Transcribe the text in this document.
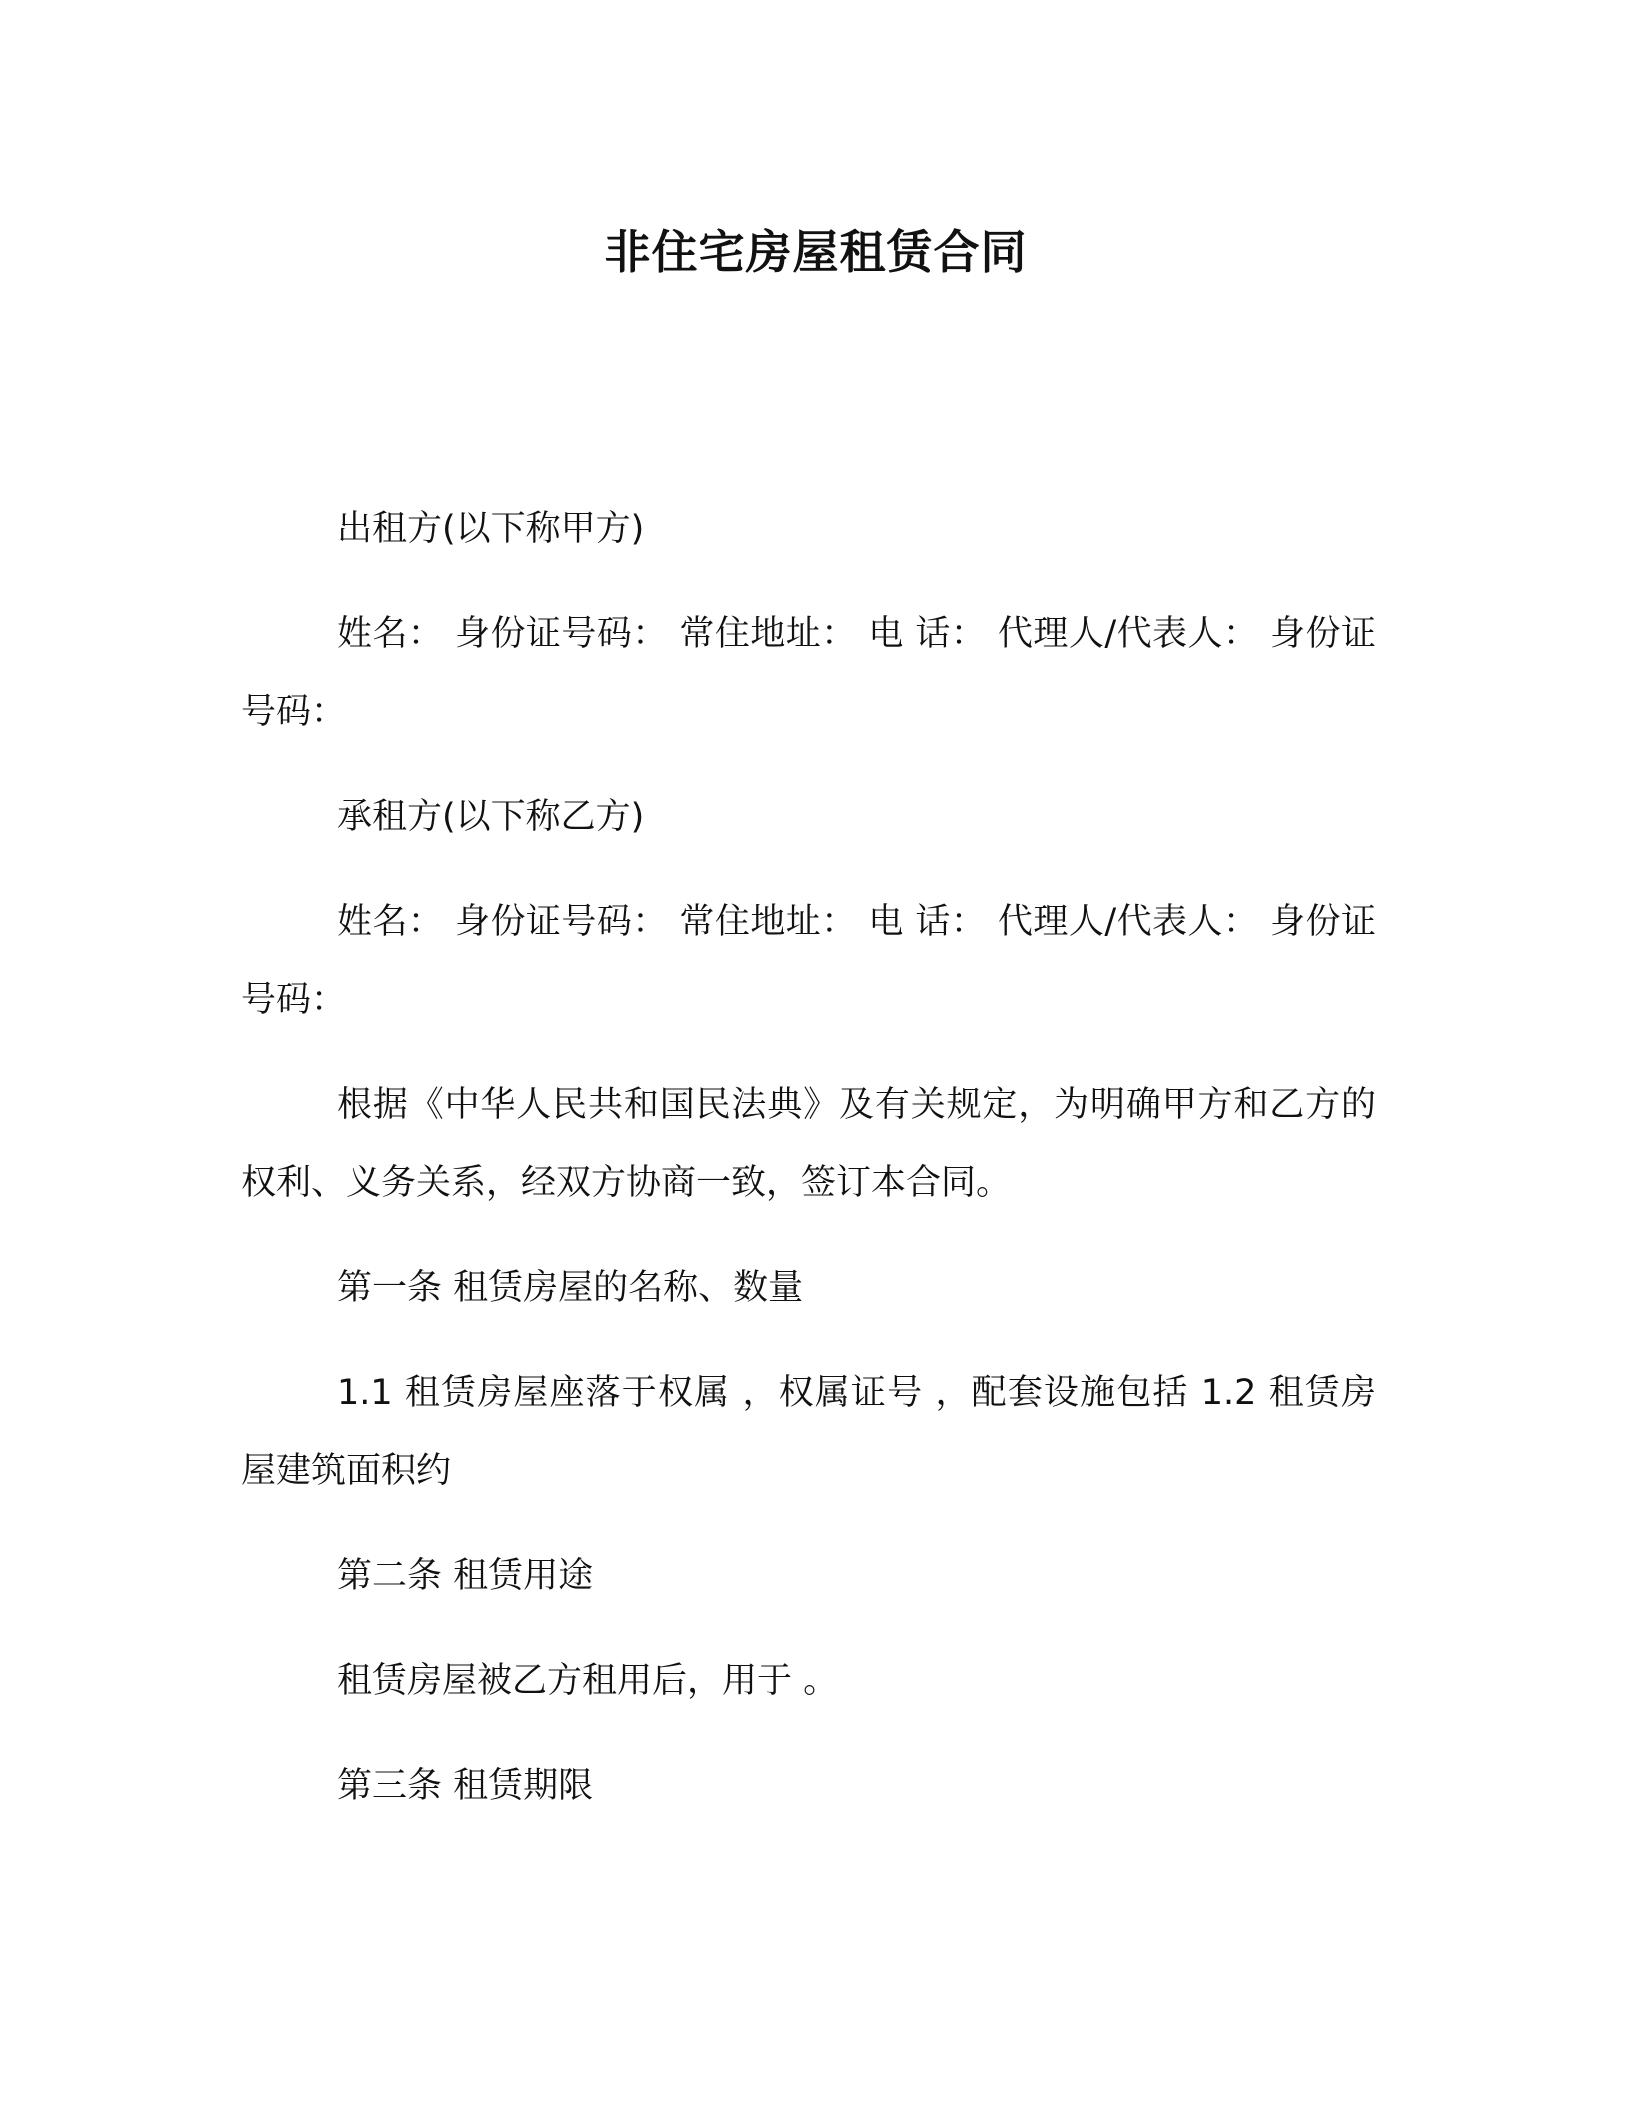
非住宅房屋租赁合同

出租方(以下称甲方)

姓名： 身份证号码： 常住地址： 电 话： 代理人/代表人： 身份证号码：

承租方(以下称乙方)

姓名： 身份证号码： 常住地址： 电 话： 代理人/代表人： 身份证号码：

根据《中华人民共和国民法典》及有关规定，为明确甲方和乙方的权利、义务关系，经双方协商一致，签订本合同。

第一条 租赁房屋的名称、数量

1.1 租赁房屋座落于权属 ，权属证号 ，配套设施包括 1.2 租赁房屋建筑面积约

第二条 租赁用途

租赁房屋被乙方租用后，用于 。

第三条 租赁期限
